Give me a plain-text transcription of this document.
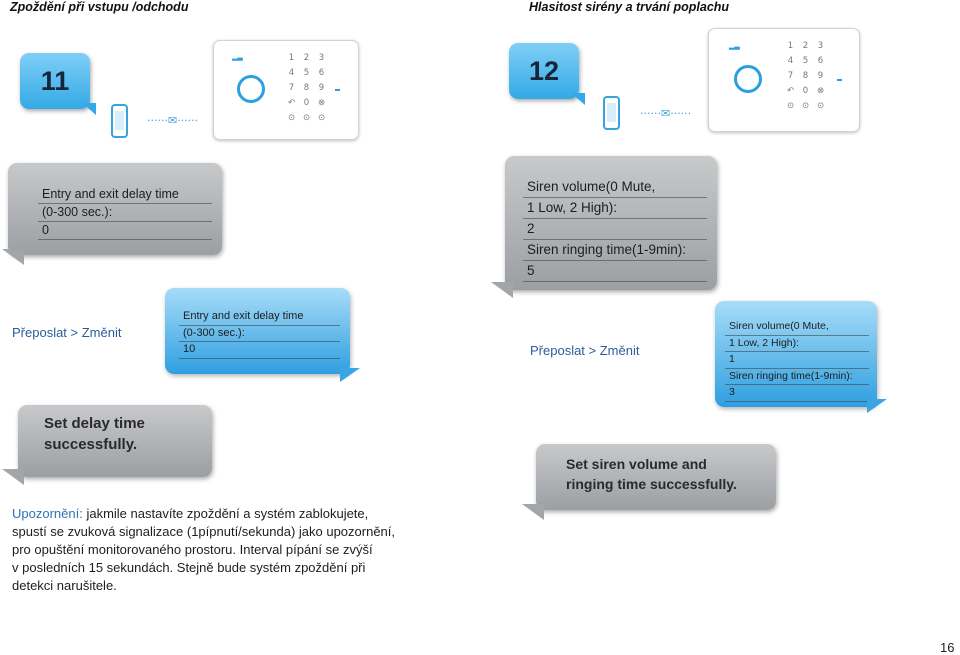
Zpoždění při vstupu /odchodu	Hlasitost sirény a trvání poplachu
11
······✉······
▂▃	1	2	3
4	5	6
7	8	9
↶	0	⊗
⊙ ⊙ ⊙
12
······✉······
▂▃	1	2	3
4	5	6
7	8	9
↶	0	⊗
⊙ ⊙ ⊙
Entry and exit delay time
(0-300 sec.):
0
Siren volume(0 Mute,
1 Low, 2 High):
2
Siren ringing time(1-9min):
5
Přeposlat > Změnit
Přeposlat > Změnit
Entry and exit delay time
(0-300 sec.):
10
Siren volume(0 Mute,
1 Low, 2 High):
1
Siren ringing time(1-9min):
3
Set delay time
successfully.
Set siren volume and
ringing time successfully.
Upozornění: jakmile nastavíte zpoždění a systém zablokujete,
spustí se zvuková signalizace (1pípnutí/sekunda) jako upozornění,
pro opuštění monitorovaného prostoru. Interval pípání se zvýší
v posledních 15 sekundách. Stejně bude systém zpoždění při
detekci narušitele.
16
